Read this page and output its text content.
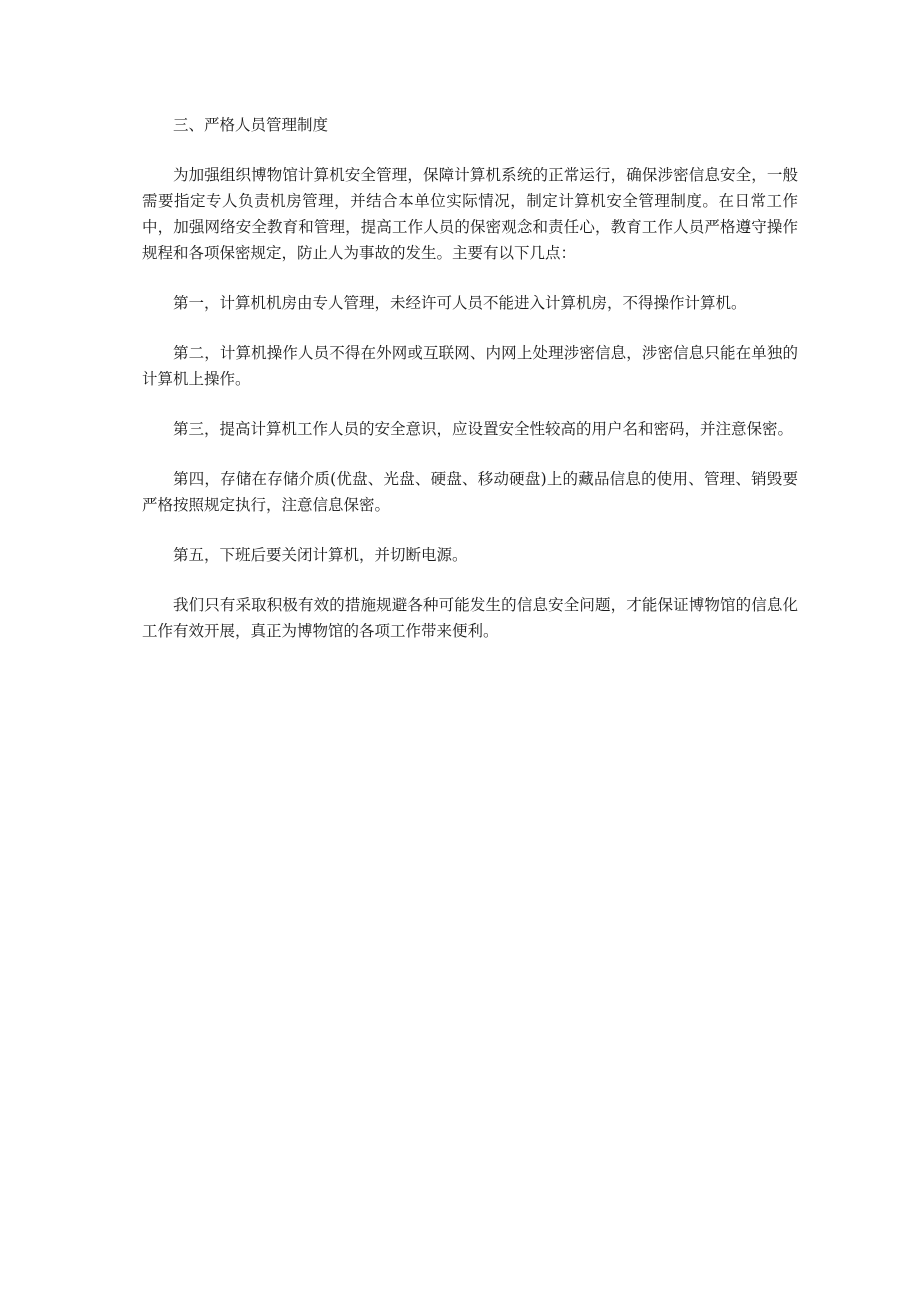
三、严格人员管理制度

为加强组织博物馆计算机安全管理，保障计算机系统的正常运行，确保涉密信息安全，一般需要指定专人负责机房管理，并结合本单位实际情况，制定计算机安全管理制度。在日常工作中，加强网络安全教育和管理，提高工作人员的保密观念和责任心，教育工作人员严格遵守操作规程和各项保密规定，防止人为事故的发生。主要有以下几点：

第一，计算机机房由专人管理，未经许可人员不能进入计算机房，不得操作计算机。

第二，计算机操作人员不得在外网或互联网、内网上处理涉密信息，涉密信息只能在单独的计算机上操作。

第三，提高计算机工作人员的安全意识，应设置安全性较高的用户名和密码，并注意保密。

第四，存储在存储介质(优盘、光盘、硬盘、移动硬盘)上的藏品信息的使用、管理、销毁要严格按照规定执行，注意信息保密。

第五，下班后要关闭计算机，并切断电源。

我们只有采取积极有效的措施规避各种可能发生的信息安全问题，才能保证博物馆的信息化工作有效开展，真正为博物馆的各项工作带来便利。
